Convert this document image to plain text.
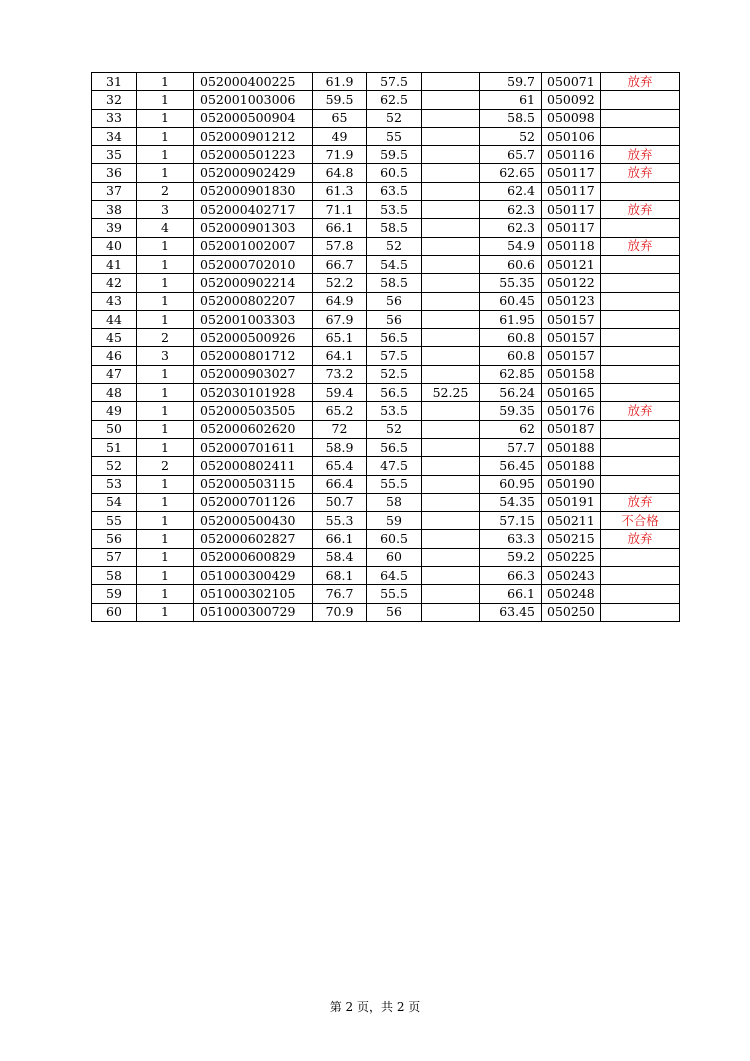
31	1	052000400225	61.9	57.5		59.7	050071	放弃
32	1	052001003006	59.5	62.5		61	050092	
33	1	052000500904	65	52		58.5	050098	
34	1	052000901212	49	55		52	050106	
35	1	052000501223	71.9	59.5		65.7	050116	放弃
36	1	052000902429	64.8	60.5		62.65	050117	放弃
37	2	052000901830	61.3	63.5		62.4	050117	
38	3	052000402717	71.1	53.5		62.3	050117	放弃
39	4	052000901303	66.1	58.5		62.3	050117	
40	1	052001002007	57.8	52		54.9	050118	放弃
41	1	052000702010	66.7	54.5		60.6	050121	
42	1	052000902214	52.2	58.5		55.35	050122	
43	1	052000802207	64.9	56		60.45	050123	
44	1	052001003303	67.9	56		61.95	050157	
45	2	052000500926	65.1	56.5		60.8	050157	
46	3	052000801712	64.1	57.5		60.8	050157	
47	1	052000903027	73.2	52.5		62.85	050158	
48	1	052030101928	59.4	56.5	52.25	56.24	050165	
49	1	052000503505	65.2	53.5		59.35	050176	放弃
50	1	052000602620	72	52		62	050187	
51	1	052000701611	58.9	56.5		57.7	050188	
52	2	052000802411	65.4	47.5		56.45	050188	
53	1	052000503115	66.4	55.5		60.95	050190	
54	1	052000701126	50.7	58		54.35	050191	放弃
55	1	052000500430	55.3	59		57.15	050211	不合格
56	1	052000602827	66.1	60.5		63.3	050215	放弃
57	1	052000600829	58.4	60		59.2	050225	
58	1	051000300429	68.1	64.5		66.3	050243	
59	1	051000302105	76.7	55.5		66.1	050248	
60	1	051000300729	70.9	56		63.45	050250	
第 2 页，共 2 页
